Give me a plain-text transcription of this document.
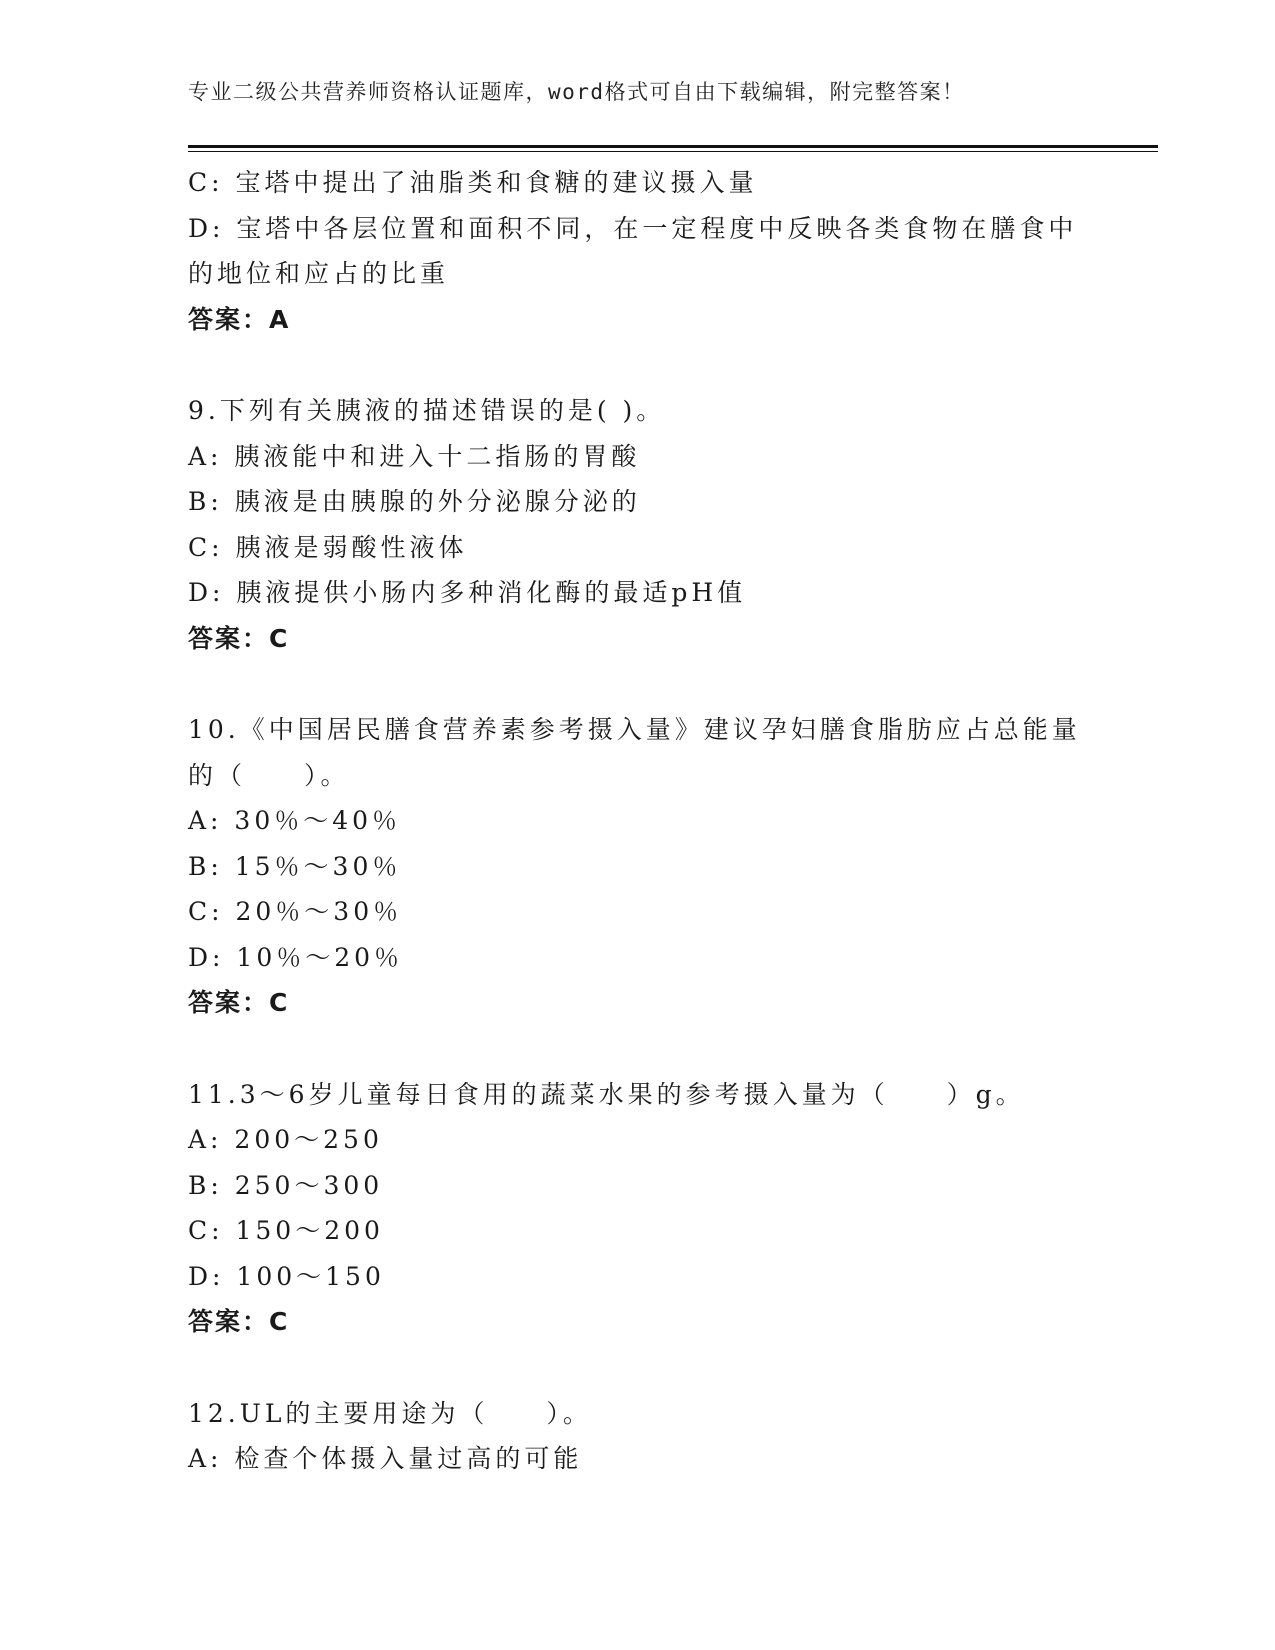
专业二级公共营养师资格认证题库，word格式可自由下载编辑，附完整答案！
C: 宝塔中提出了油脂类和食糖的建议摄入量
D: 宝塔中各层位置和面积不同，在一定程度中反映各类食物在膳食中
的地位和应占的比重
答案：A
9.下列有关胰液的描述错误的是( )。
A: 胰液能中和进入十二指肠的胃酸
B: 胰液是由胰腺的外分泌腺分泌的
C: 胰液是弱酸性液体
D: 胰液提供小肠内多种消化酶的最适pH值
答案：C
10.《中国居民膳食营养素参考摄入量》建议孕妇膳食脂肪应占总能量
的（　　）。
A: 30％～40％
B: 15％～30％
C: 20％～30％
D: 10％～20％
答案：C
11.3～6岁儿童每日食用的蔬菜水果的参考摄入量为（　　）g。
A: 200～250
B: 250～300
C: 150～200
D: 100～150
答案：C
12.UL的主要用途为（　　）。
A: 检查个体摄入量过高的可能
